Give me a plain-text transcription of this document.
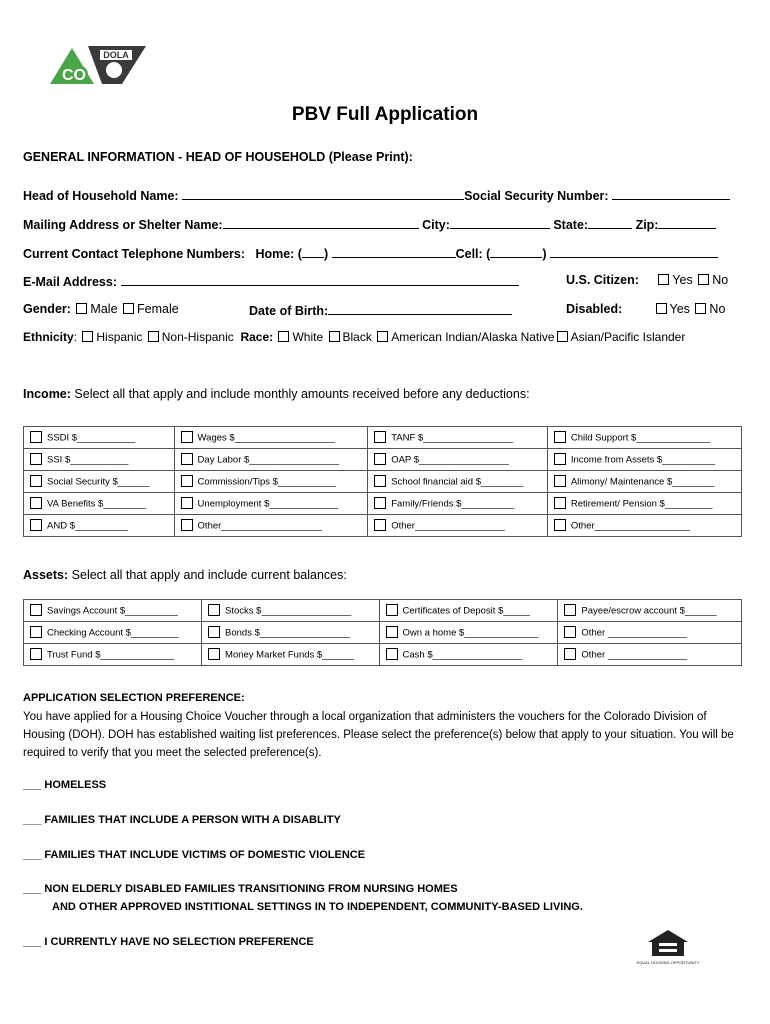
DOLA
CO
PBV Full Application
GENERAL INFORMATION - HEAD OF HOUSEHOLD (Please Print):
Head of Household Name:	Social Security Number:
Mailing Address or Shelter Name:	City:	State:	Zip:
Current Contact Telephone Numbers: Home: ( )	Cell: (	)
E-Mail Address:	U.S. Citizen:	Yes No
Gender: Male Female	Date of Birth:	Disabled:	Yes No
Ethnicity: Hispanic Non-Hispanic Race: White Black American Indian/Alaska Native Asian/Pacific Islander
Income: Select all that apply and include monthly amounts received before any deductions:
SSDI $___________	Wages $___________________	TANF $_________________	Child Support $______________
SSI $___________	Day Labor $_________________	OAP $_________________	Income from Assets $__________
Social Security $______	Commission/Tips $___________	School financial aid $________	Alimony/ Maintenance $________
VA Benefits $________	Unemployment $_____________	Family/Friends $__________	Retirement/ Pension $_________
AND $__________	Other___________________	Other_________________	Other__________________
Assets: Select all that apply and include current balances:
Savings Account $__________	Stocks $_________________	Certificates of Deposit $_____	Payee/escrow account $______
Checking Account $_________	Bonds $_________________	Own a home $______________	Other _______________
Trust Fund $______________	Money Market Funds $______	Cash $_________________	Other _______________
APPLICATION SELECTION PREFERENCE:
You have applied for a Housing Choice Voucher through a local organization that administers the vouchers for the Colorado Division of Housing (DOH). DOH has established waiting list preferences. Please select the preference(s) below that apply to your situation. You will be required to verify that you meet the selected preference(s).
___ HOMELESS
___ FAMILIES THAT INCLUDE A PERSON WITH A DISABLITY
___ FAMILIES THAT INCLUDE VICTIMS OF DOMESTIC VIOLENCE
___ NON ELDERLY DISABLED FAMILIES TRANSITIONING FROM NURSING HOMES
AND OTHER APPROVED INSTITIONAL SETTINGS IN TO INDEPENDENT, COMMUNITY-BASED LIVING.
___ I CURRENTLY HAVE NO SELECTION PREFERENCE
EQUAL HOUSING OPPORTUNITY
